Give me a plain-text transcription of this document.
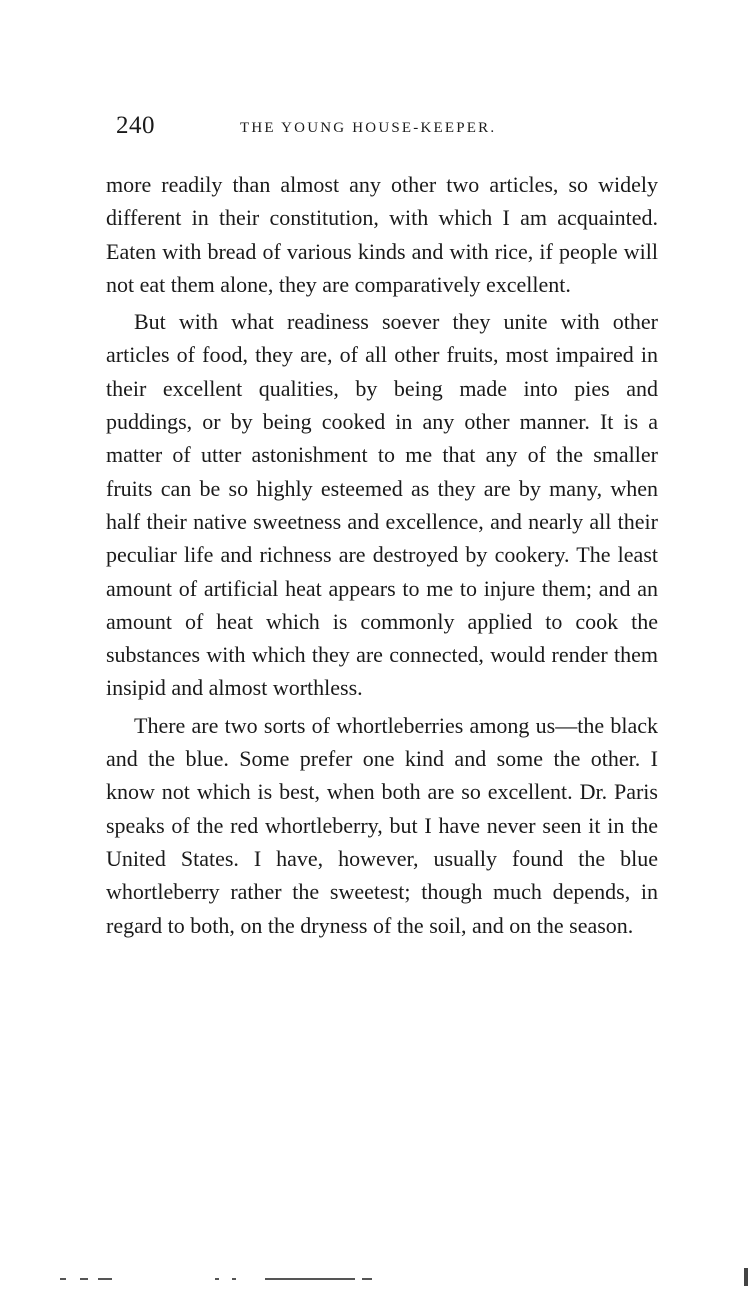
240	THE YOUNG HOUSE-KEEPER.

more readily than almost any other two articles, so widely different in their constitution, with which I am acquainted. Eaten with bread of various kinds and with rice, if people will not eat them alone, they are comparatively excellent.

But with what readiness soever they unite with other articles of food, they are, of all other fruits, most impaired in their excellent qualities, by being made into pies and puddings, or by being cooked in any other manner. It is a matter of utter astonishment to me that any of the smaller fruits can be so highly esteemed as they are by many, when half their native sweetness and excellence, and nearly all their peculiar life and richness are destroyed by cookery. The least amount of artificial heat appears to me to injure them; and an amount of heat which is commonly applied to cook the substances with which they are connected, would render them insipid and almost worthless.

There are two sorts of whortleberries among us—the black and the blue. Some prefer one kind and some the other. I know not which is best, when both are so excellent. Dr. Paris speaks of the red whortleberry, but I have never seen it in the United States. I have, however, usually found the blue whortleberry rather the sweetest; though much depends, in regard to both, on the dryness of the soil, and on the season.
